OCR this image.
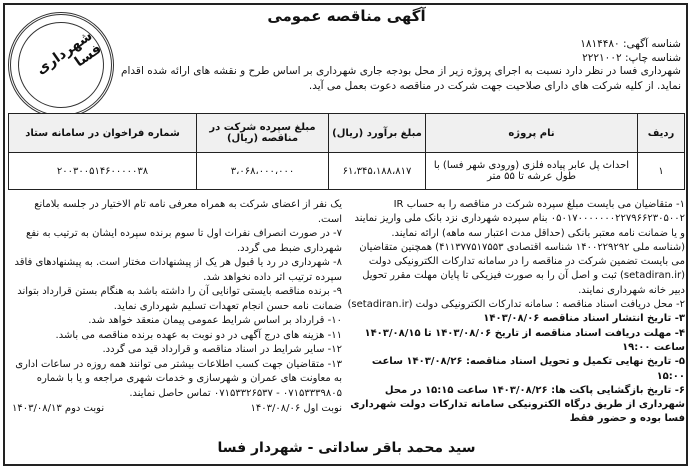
آگهی مناقصه عمومی
شناسه آگهی: ۱۸۱۴۴۸۰
شناسه چاپ: ۲۲۲۱۰۰۲
شهرداری فسا
شهرداری فسا در نظر دارد نسبت به اجرای پروژه زیر از محل بودجه جاری شهرداری بر اساس طرح و نقشه های ارائه شده اقدام نماید. از کلیه شرکت های دارای صلاحیت جهت شرکت در مناقصه دعوت بعمل می آید.
ردیف	نام پروژه	مبلغ برآورد (ریال)	مبلغ سپرده شرکت در مناقصه (ریال)	شماره فراخوان در سامانه ستاد
۱	احداث پل عابر پیاده فلزی (ورودی شهر فسا) با طول عرشه تا ۵۵ متر	۶۱،۳۴۵،۱۸۸،۸۱۷	۳،۰۶۸،۰۰۰،۰۰۰	۲۰۰۳۰۰۵۱۴۶۰۰۰۰۰۳۸

۱- متقاضیان می بایست مبلغ سپرده شرکت در مناقصه را به حساب IR ۰۵۰۱۷۰۰۰۰۰۰۰۲۲۷۹۶۶۲۳۰۵۰۰۲ بنام سپرده شهرداری نزد بانک ملی واریز نمایند و یا ضمانت نامه معتبر بانکی (حداقل مدت اعتبار سه ماهه) ارائه نمایند.

(شناسه ملی ۱۴۰۰۲۲۹۲۹۲ شناسه اقتصادی ۴۱۱۳۷۷۵۱۷۵۵۳) همچنین متقاضیان می بایست تضمین شرکت در مناقصه را در سامانه تدارکات الکترونیکی دولت (setadiran.ir) ثبت و اصل آن را به صورت فیزیکی تا پایان مهلت مقرر تحویل دبیر خانه شهرداری نمایند.

۲- محل دریافت اسناد مناقصه : سامانه تدارکات الکترونیکی دولت (setadiran.ir)

۳- تاریخ انتشار اسناد مناقصه ۱۴۰۳/۰۸/۰۶

۴- مهلت دریافت اسناد مناقصه از تاریخ ۱۴۰۳/۰۸/۰۶ تا ۱۴۰۳/۰۸/۱۵ ساعت ۱۹:۰۰

۵- تاریخ نهایی تکمیل و تحویل اسناد مناقصه: ۱۴۰۳/۰۸/۲۶ ساعت ۱۵:۰۰

۶- تاریخ بازگشایی پاکت ها: ۱۴۰۳/۰۸/۲۶ ساعت ۱۵:۱۵ در محل شهرداری از طریق درگاه الکترونیکی سامانه تدارکات دولت شهرداری فسا بوده و حضور فقط

یک نفر از اعضای شرکت به همراه معرفی نامه تام الاختیار در جلسه بلامانع است.

۷- در صورت انصراف نفرات اول تا سوم برنده سپرده ایشان به ترتیب به نفع شهرداری ضبط می گردد.

۸- شهرداری در رد یا قبول هر یک از پیشنهادات مختار است. به پیشنهادهای فاقد سپرده ترتیب اثر داده نخواهد شد.

۹- برنده مناقصه بایستی توانایی آن را داشته باشد به هنگام بستن قرارداد بتواند ضمانت نامه حسن انجام تعهدات تسلیم شهرداری نماید.

۱۰- قرارداد بر اساس شرایط عمومی پیمان منعقد خواهد شد.

۱۱- هزینه های درج آگهی در دو نوبت به عهده برنده مناقصه می باشد.

۱۲- سایر شرایط در اسناد مناقصه و قرارداد قید می گردد.

۱۳- متقاضیان جهت کسب اطلاعات بیشتر می توانند همه روزه در ساعات اداری به معاونت های عمران و شهرسازی و خدمات شهری مراجعه و یا با شماره ۰۷۱۵۳۳۳۹۸۰۵ - ۰۷۱۵۳۳۲۶۵۳۷ تماس حاصل نمایند.

نوبت اول ۱۴۰۳/۰۸/۰۶
نوبت دوم ۱۴۰۳/۰۸/۱۳
سید محمد باقر ساداتی - شهردار فسا
